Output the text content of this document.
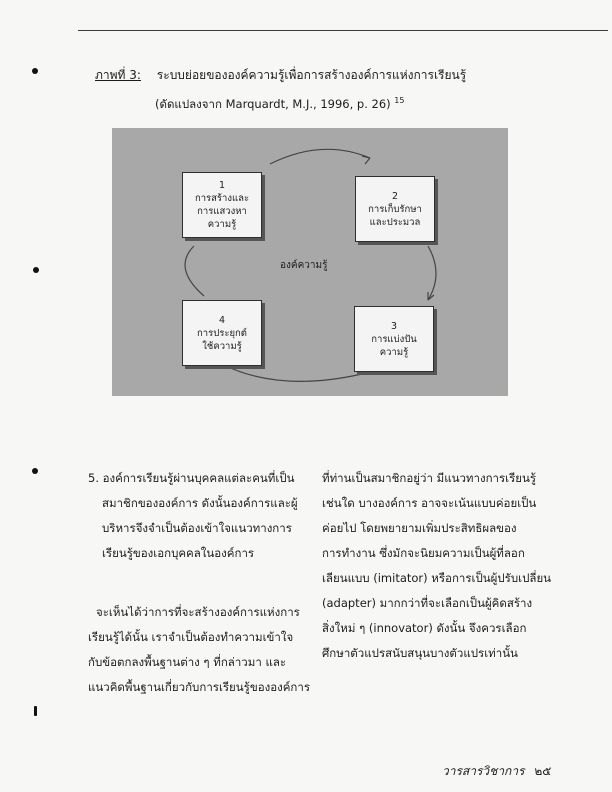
ภาพที่ 3: ระบบย่อยขององค์ความรู้เพื่อการสร้างองค์การแห่งการเรียนรู้
(ดัดแปลงจาก Marquardt, M.J., 1996, p. 26) $^{15}$
1
การสร้างและ
การแสวงหา
ความรู้
2
การเก็บรักษา
และประมวล
3
การแบ่งปัน
ความรู้
4
การประยุกต์
ใช้ความรู้
องค์ความรู้

5. องค์การเรียนรู้ผ่านบุคคลแต่ละคนที่เป็น

สมาชิกขององค์การ ดังนั้นองค์การและผู้

บริหารจึงจำเป็นต้องเข้าใจแนวทางการ

เรียนรู้ของเอกบุคคลในองค์การ

จะเห็นได้ว่าการที่จะสร้างองค์การแห่งการ

เรียนรู้ได้นั้น เราจำเป็นต้องทำความเข้าใจ

กับข้อตกลงพื้นฐานต่าง ๆ ที่กล่าวมา และ

แนวคิดพื้นฐานเกี่ยวกับการเรียนรู้ขององค์การ

ที่ท่านเป็นสมาชิกอยู่ว่า มีแนวทางการเรียนรู้

เช่นใด บางองค์การ อาจจะเน้นแบบค่อยเป็น

ค่อยไป โดยพยายามเพิ่มประสิทธิผลของ

การทำงาน ซึ่งมักจะนิยมความเป็นผู้ที่ลอก

เลียนแบบ (imitator) หรือการเป็นผู้ปรับเปลี่ยน

(adapter) มากกว่าที่จะเลือกเป็นผู้คิดสร้าง

สิ่งใหม่ ๆ (innovator) ดังนั้น จึงควรเลือก

ศึกษาตัวแปรสนับสนุนบางตัวแปรเท่านั้น

วารสารวิชาการ ๒๕
